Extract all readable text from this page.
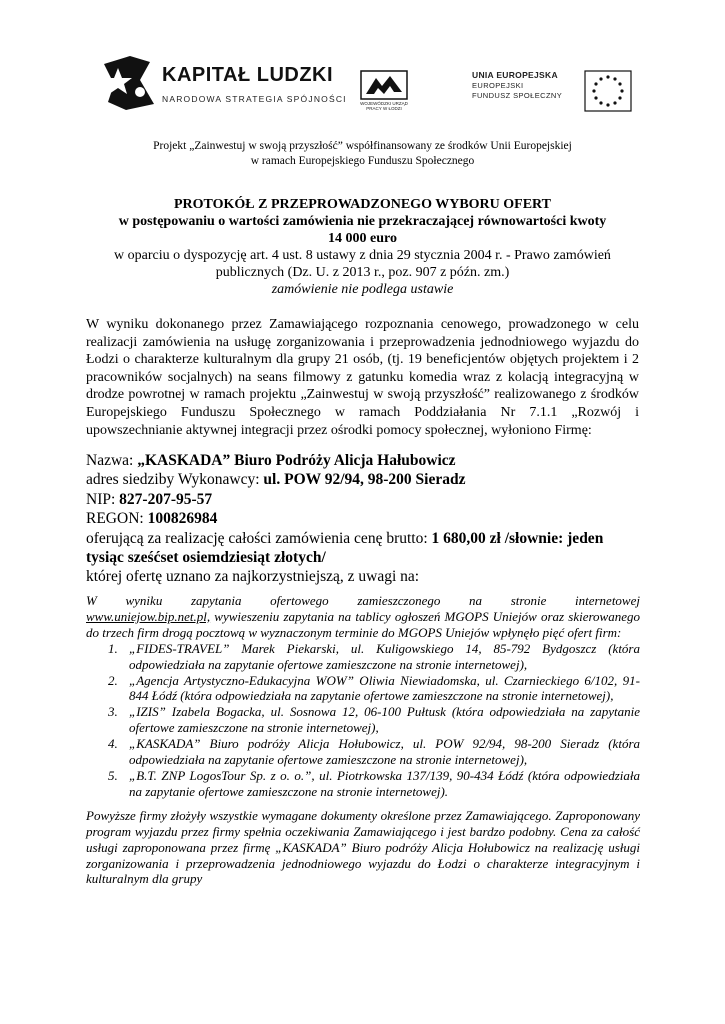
KAPITAŁ LUDZKI
NARODOWA STRATEGIA SPÓJNOŚCI	WOJEWÓDZKI URZĄD PRACY W ŁODZI
UNIA EUROPEJSKA
EUROPEJSKI
FUNDUSZ SPOŁECZNY
Projekt „Zainwestuj w swoją przyszłość” współfinansowany ze środków Unii Europejskiej
w ramach Europejskiego Funduszu Społecznego
PROTOKÓŁ Z PRZEPROWADZONEGO WYBORU OFERT
w postępowaniu o wartości zamówienia nie przekraczającej równowartości kwoty
14 000 euro
w oparciu o dyspozycję art. 4 ust. 8 ustawy z dnia 29 stycznia 2004 r. - Prawo zamówień publicznych (Dz. U. z 2013 r., poz. 907 z późn. zm.)
zamówienie nie podlega ustawie
W wyniku dokonanego przez Zamawiającego rozpoznania cenowego, prowadzonego w celu realizacji zamówienia na usługę zorganizowania i przeprowadzenia jednodniowego wyjazdu do Łodzi o charakterze kulturalnym dla grupy 21 osób, (tj. 19 beneficjentów objętych projektem i 2 pracowników socjalnych) na seans filmowy z gatunku komedia wraz z kolacją integracyjną w drodze powrotnej w ramach projektu „Zainwestuj w swoją przyszłość” realizowanego z środków Europejskiego Funduszu Społecznego w ramach Poddziałania Nr 7.1.1 „Rozwój i upowszechnianie aktywnej integracji przez ośrodki pomocy społecznej, wyłoniono Firmę:
Nazwa: „KASKADA” Biuro Podróży Alicja Hałubowicz
adres siedziby Wykonawcy: ul. POW 92/94, 98-200 Sieradz
NIP: 827-207-95-57
REGON: 100826984
oferującą za realizację całości zamówienia cenę brutto: 1 680,00 zł /słownie: jeden
tysiąc sześćset osiemdziesiąt złotych/
której ofertę uznano za najkorzystniejszą, z uwagi na:
W wyniku zapytania ofertowego zamieszczonego na stronie internetowej
www.uniejow.bip.net.pl, wywieszeniu zapytania na tablicy ogłoszeń MGOPS Uniejów oraz skierowanego do trzech firm drogą pocztową w wyznaczonym terminie do MGOPS Uniejów wpłynęło pięć ofert firm:
1. „FIDES-TRAVEL” Marek Piekarski, ul. Kuligowskiego 14, 85-792 Bydgoszcz (która odpowiedziała na zapytanie ofertowe zamieszczone na stronie internetowej),
2. „Agencja Artystyczno-Edukacyjna WOW” Oliwia Niewiadomska, ul. Czarnieckiego 6/102, 91-844 Łódź (która odpowiedziała na zapytanie ofertowe zamieszczone na stronie internetowej),
3. „IZIS” Izabela Bogacka, ul. Sosnowa 12, 06-100 Pułtusk (która odpowiedziała na zapytanie ofertowe zamieszczone na stronie internetowej),
4. „KASKADA” Biuro podróży Alicja Hołubowicz, ul. POW 92/94, 98-200 Sieradz (która odpowiedziała na zapytanie ofertowe zamieszczone na stronie internetowej),
5. „B.T. ZNP LogosTour Sp. z o. o.”, ul. Piotrkowska 137/139, 90-434 Łódź (która odpowiedziała na zapytanie ofertowe zamieszczone na stronie internetowej).
Powyższe firmy złożyły wszystkie wymagane dokumenty określone przez Zamawiającego. Zaproponowany program wyjazdu przez firmy spełnia oczekiwania Zamawiającego i jest bardzo podobny. Cena za całość usługi zaproponowana przez firmę „KASKADA” Biuro podróży Alicja Hołubowicz na realizację usługi zorganizowania i przeprowadzenia jednodniowego wyjazdu do Łodzi o charakterze integracyjnym i kulturalnym dla grupy
